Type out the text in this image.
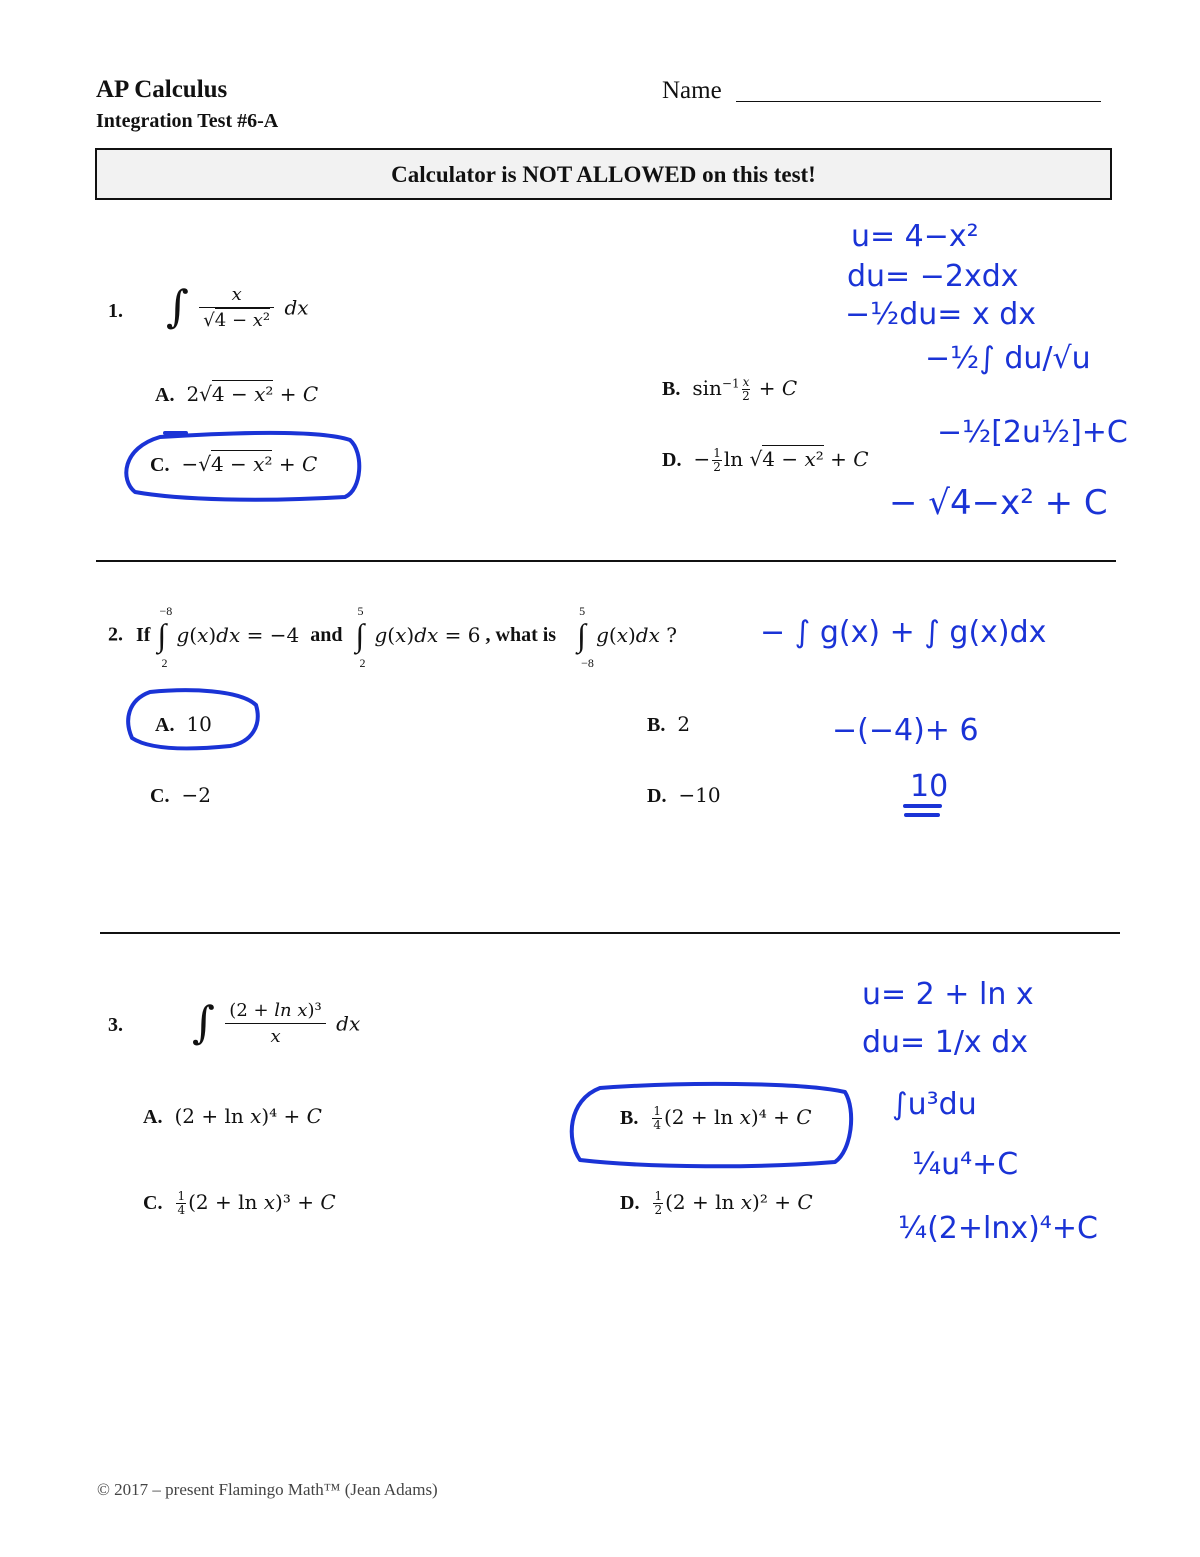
AP Calculus
Integration Test #6-A
Name
Calculator is NOT ALLOWED on this test!
1. ∫ $\frac{x}{\text{√4 − x²}}$ dx
A. 2√4 − x² + C	B. $\sin^{-1} \frac{x}{2} + C$
C. −√4 − x² + C	D. − $\frac{1}{2}$ ln √4 − x² + C
2. If
−8
∫
2
g(x)dx = −4 and
5
∫
2
g(x)dx = 6 , what is
5
∫
−8
g(x)dx ?
A. 10	B. 2
C. −2	D. −10
3. ∫ $\frac{\text{(2 + ln x)³}}{x}$ dx
A. (2 + ln x)⁴ + C	B. $\frac{1}{4} (2 + \ln x)^4 + C$
C. $\frac{1}{4} (2 + \ln x)^3 + C$	D. $\frac{1}{2} (2 + \ln x)^2 + C$
© 2017 – present Flamingo Math™ (Jean Adams)
u= 4−x²
du= −2xdx
−½du= x dx
−½∫ du/√u
−½[2u½]+C
− √4−x² + C
− ∫ g(x) + ∫ g(x)dx
−(−4)+ 6
10
u= 2 + ln x
du= 1/x dx
∫u³du
¼u⁴+C
¼(2+lnx)⁴+C
